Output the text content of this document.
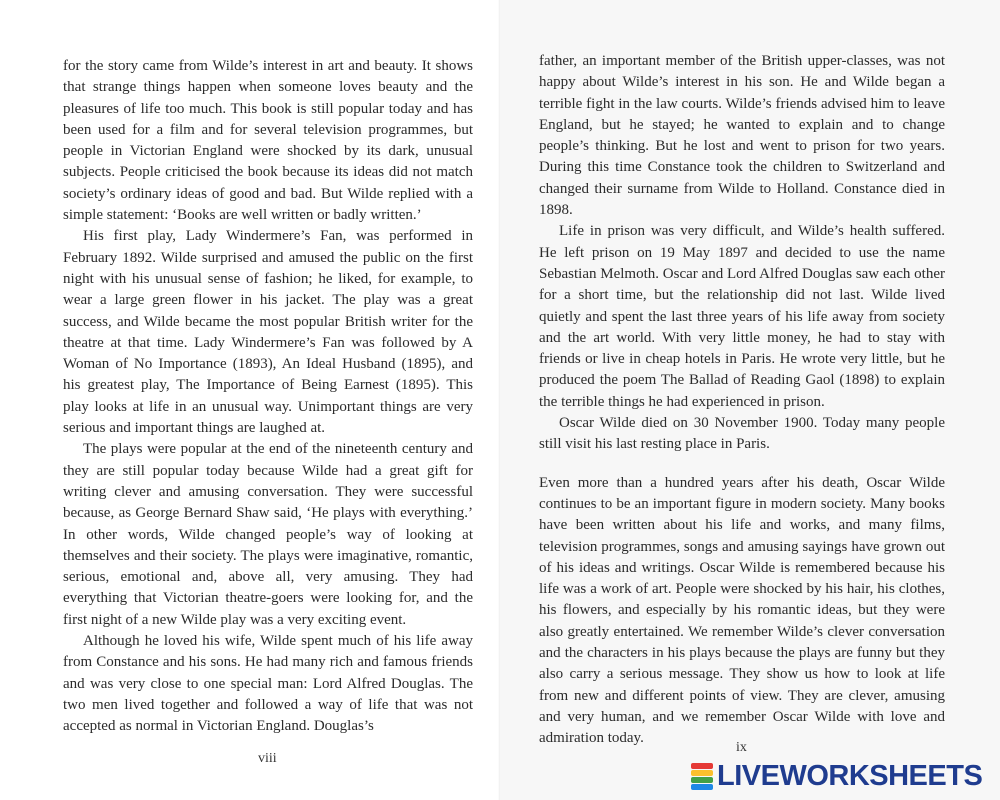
for the story came from Wilde’s interest in art and beauty. It shows that strange things happen when someone loves beauty and the pleasures of life too much. This book is still popular today and has been used for a film and for several television programmes, but people in Victorian England were shocked by its dark, unusual subjects. People criticised the book because its ideas did not match society’s ordinary ideas of good and bad. But Wilde replied with a simple statement: ‘Books are well written or badly written.’

His first play, Lady Windermere’s Fan, was performed in February 1892. Wilde surprised and amused the public on the first night with his unusual sense of fashion; he liked, for example, to wear a large green flower in his jacket. The play was a great success, and Wilde became the most popular British writer for the theatre at that time. Lady Windermere’s Fan was followed by A Woman of No Importance (1893), An Ideal Husband (1895), and his greatest play, The Importance of Being Earnest (1895). This play looks at life in an unusual way. Unimportant things are very serious and important things are laughed at.

The plays were popular at the end of the nineteenth century and they are still popular today because Wilde had a great gift for writing clever and amusing conversation. They were successful because, as George Bernard Shaw said, ‘He plays with everything.’ In other words, Wilde changed people’s way of looking at themselves and their society. The plays were imaginative, romantic, serious, emotional and, above all, very amusing. They had everything that Victorian theatre-goers were looking for, and the first night of a new Wilde play was a very exciting event.

Although he loved his wife, Wilde spent much of his life away from Constance and his sons. He had many rich and famous friends and was very close to one special man: Lord Alfred Douglas. The two men lived together and followed a way of life that was not accepted as normal in Victorian England. Douglas’s

viii

father, an important member of the British upper-classes, was not happy about Wilde’s interest in his son. He and Wilde began a terrible fight in the law courts. Wilde’s friends advised him to leave England, but he stayed; he wanted to explain and to change people’s thinking. But he lost and went to prison for two years. During this time Constance took the children to Switzerland and changed their surname from Wilde to Holland. Constance died in 1898.

Life in prison was very difficult, and Wilde’s health suffered. He left prison on 19 May 1897 and decided to use the name Sebastian Melmoth. Oscar and Lord Alfred Douglas saw each other for a short time, but the relationship did not last. Wilde lived quietly and spent the last three years of his life away from society and the art world. With very little money, he had to stay with friends or live in cheap hotels in Paris. He wrote very little, but he produced the poem The Ballad of Reading Gaol (1898) to explain the terrible things he had experienced in prison.

Oscar Wilde died on 30 November 1900. Today many people still visit his last resting place in Paris.

Even more than a hundred years after his death, Oscar Wilde continues to be an important figure in modern society. Many books have been written about his life and works, and many films, television programmes, songs and amusing sayings have grown out of his ideas and writings. Oscar Wilde is remembered because his life was a work of art. People were shocked by his hair, his clothes, his flowers, and especially by his romantic ideas, but they were also greatly entertained. We remember Wilde’s clever conversation and the characters in his plays because the plays are funny but they also carry a serious message. They show us how to look at life from new and different points of view. They are clever, amusing and very human, and we remember Oscar Wilde with love and admiration today.

ix
LIVEWORKSHEETS
